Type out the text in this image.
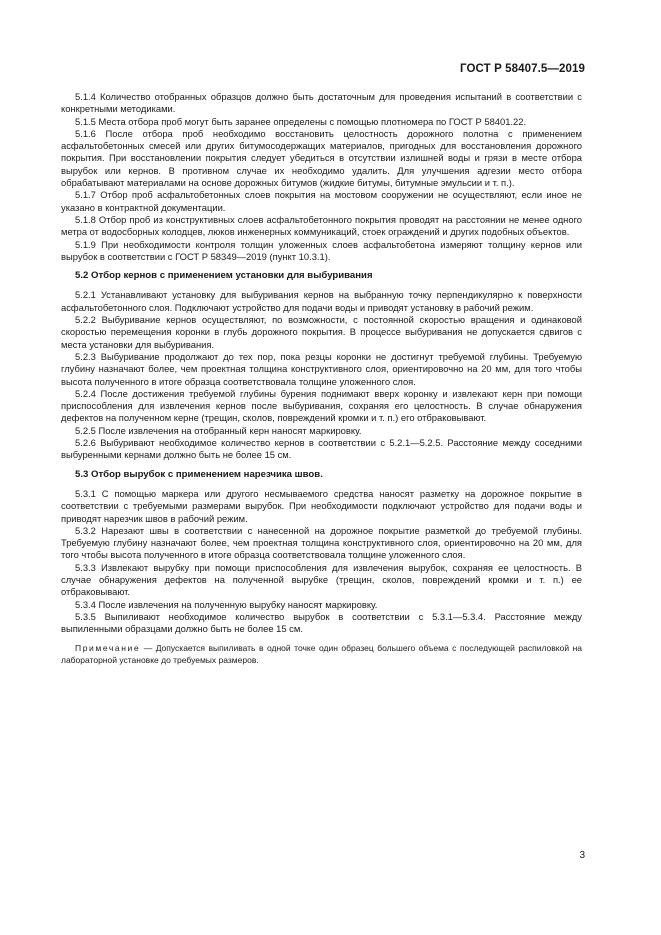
ГОСТ Р 58407.5—2019

5.1.4 Количество отобранных образцов должно быть достаточным для проведения испытаний в соответствии с конкретными методиками.

5.1.5 Места отбора проб могут быть заранее определены с помощью плотномера по ГОСТ Р 58401.22.

5.1.6 После отбора проб необходимо восстановить целостность дорожного полотна с применением асфальтобетонных смесей или других битумосодержащих материалов, пригодных для восстановления дорожного покрытия. При восстановлении покрытия следует убедиться в отсутствии излишней воды и грязи в месте отбора вырубок или кернов. В противном случае их необходимо удалить. Для улучшения адгезии место отбора обрабатывают материалами на основе дорожных битумов (жидкие битумы, битумные эмульсии и т. п.).

5.1.7 Отбор проб асфальтобетонных слоев покрытия на мостовом сооружении не осуществляют, если иное не указано в контрактной документации.

5.1.8 Отбор проб из конструктивных слоев асфальтобетонного покрытия проводят на расстоянии не менее одного метра от водосборных колодцев, люков инженерных коммуникаций, стоек ограждений и других подобных объектов.

5.1.9 При необходимости контроля толщин уложенных слоев асфальтобетона измеряют толщину кернов или вырубок в соответствии с ГОСТ Р 58349—2019 (пункт 10.3.1).

5.2 Отбор кернов с применением установки для выбуривания

5.2.1 Устанавливают установку для выбуривания кернов на выбранную точку перпендикулярно к поверхности асфальтобетонного слоя. Подключают устройство для подачи воды и приводят установку в рабочий режим.

5.2.2 Выбуривание кернов осуществляют, по возможности, с постоянной скоростью вращения и одинаковой скоростью перемещения коронки в глубь дорожного покрытия. В процессе выбуривания не допускается сдвигов с места установки для выбуривания.

5.2.3 Выбуривание продолжают до тех пор, пока резцы коронки не достигнут требуемой глубины. Требуемую глубину назначают более, чем проектная толщина конструктивного слоя, ориентировочно на 20 мм, для того чтобы высота полученного в итоге образца соответствовала толщине уложенного слоя.

5.2.4 После достижения требуемой глубины бурения поднимают вверх коронку и извлекают керн при помощи приспособления для извлечения кернов после выбуривания, сохраняя его целостность. В случае обнаружения дефектов на полученном керне (трещин, сколов, повреждений кромки и т. п.) его отбраковывают.

5.2.5 После извлечения на отобранный керн наносят маркировку.

5.2.6 Выбуривают необходимое количество кернов в соответствии с 5.2.1—5.2.5. Расстояние между соседними выбуренными кернами должно быть не более 15 см.

5.3 Отбор вырубок с применением нарезчика швов.

5.3.1 С помощью маркера или другого несмываемого средства наносят разметку на дорожное покрытие в соответствии с требуемыми размерами вырубок. При необходимости подключают устройство для подачи воды и приводят нарезчик швов в рабочий режим.

5.3.2 Нарезают швы в соответствии с нанесенной на дорожное покрытие разметкой до требуемой глубины. Требуемую глубину назначают более, чем проектная толщина конструктивного слоя, ориентировочно на 20 мм, для того чтобы высота полученного в итоге образца соответствовала толщине уложенного слоя.

5.3.3 Извлекают вырубку при помощи приспособления для извлечения вырубок, сохраняя ее целостность. В случае обнаружения дефектов на полученной вырубке (трещин, сколов, повреждений кромки и т. п.) ее отбраковывают.

5.3.4 После извлечения на полученную вырубку наносят маркировку.

5.3.5 Выпиливают необходимое количество вырубок в соответствии с 5.3.1—5.3.4. Расстояние между выпиленными образцами должно быть не более 15 см.

Примечание — Допускается выпиливать в одной точке один образец большего объема с последующей распиловкой на лабораторной установке до требуемых размеров.

3
